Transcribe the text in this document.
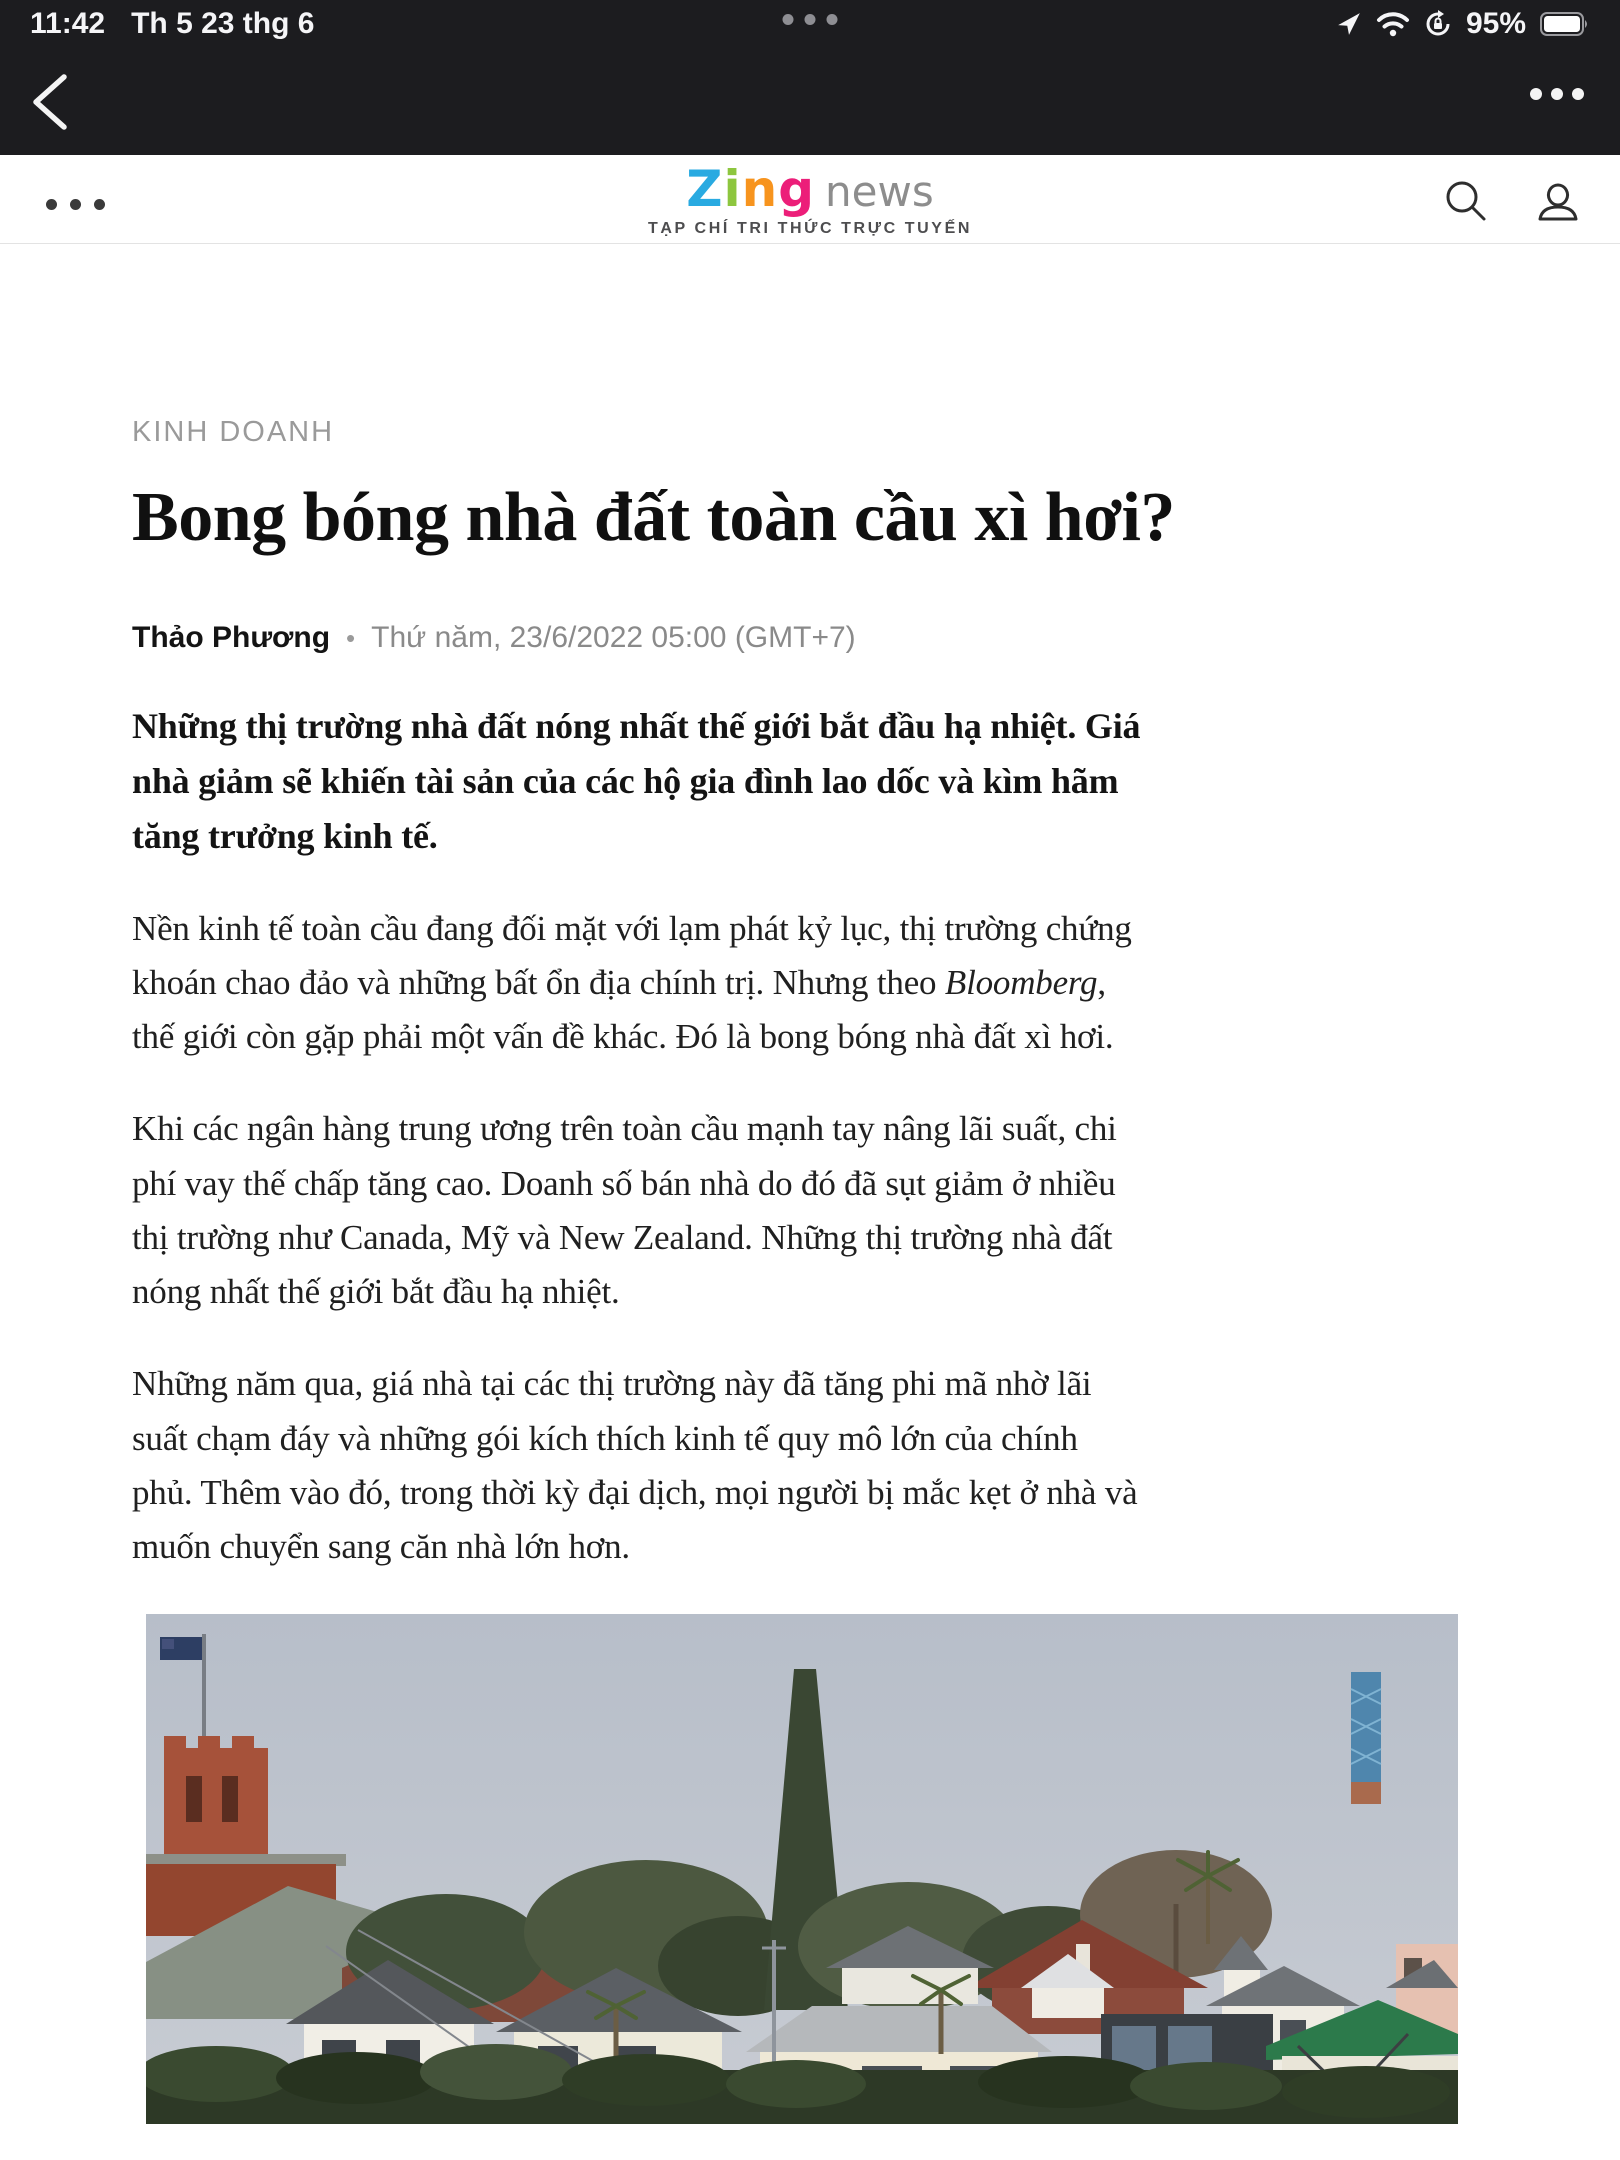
11:42 Th 5 23 thg 6	95%
Zing news
TẠP CHÍ TRI THỨC TRỰC TUYẾN
KINH DOANH
Bong bóng nhà đất toàn cầu xì hơi?
Thảo Phương • Thứ năm, 23/6/2022 05:00 (GMT+7)

Những thị trường nhà đất nóng nhất thế giới bắt đầu hạ nhiệt. Giá nhà giảm sẽ khiến tài sản của các hộ gia đình lao dốc và kìm hãm tăng trưởng kinh tế.

Nền kinh tế toàn cầu đang đối mặt với lạm phát kỷ lục, thị trường chứng khoán chao đảo và những bất ổn địa chính trị. Nhưng theo Bloomberg, thế giới còn gặp phải một vấn đề khác. Đó là bong bóng nhà đất xì hơi.

Khi các ngân hàng trung ương trên toàn cầu mạnh tay nâng lãi suất, chi phí vay thế chấp tăng cao. Doanh số bán nhà do đó đã sụt giảm ở nhiều thị trường như Canada, Mỹ và New Zealand. Những thị trường nhà đất nóng nhất thế giới bắt đầu hạ nhiệt.

Những năm qua, giá nhà tại các thị trường này đã tăng phi mã nhờ lãi suất chạm đáy và những gói kích thích kinh tế quy mô lớn của chính phủ. Thêm vào đó, trong thời kỳ đại dịch, mọi người bị mắc kẹt ở nhà và muốn chuyển sang căn nhà lớn hơn.
